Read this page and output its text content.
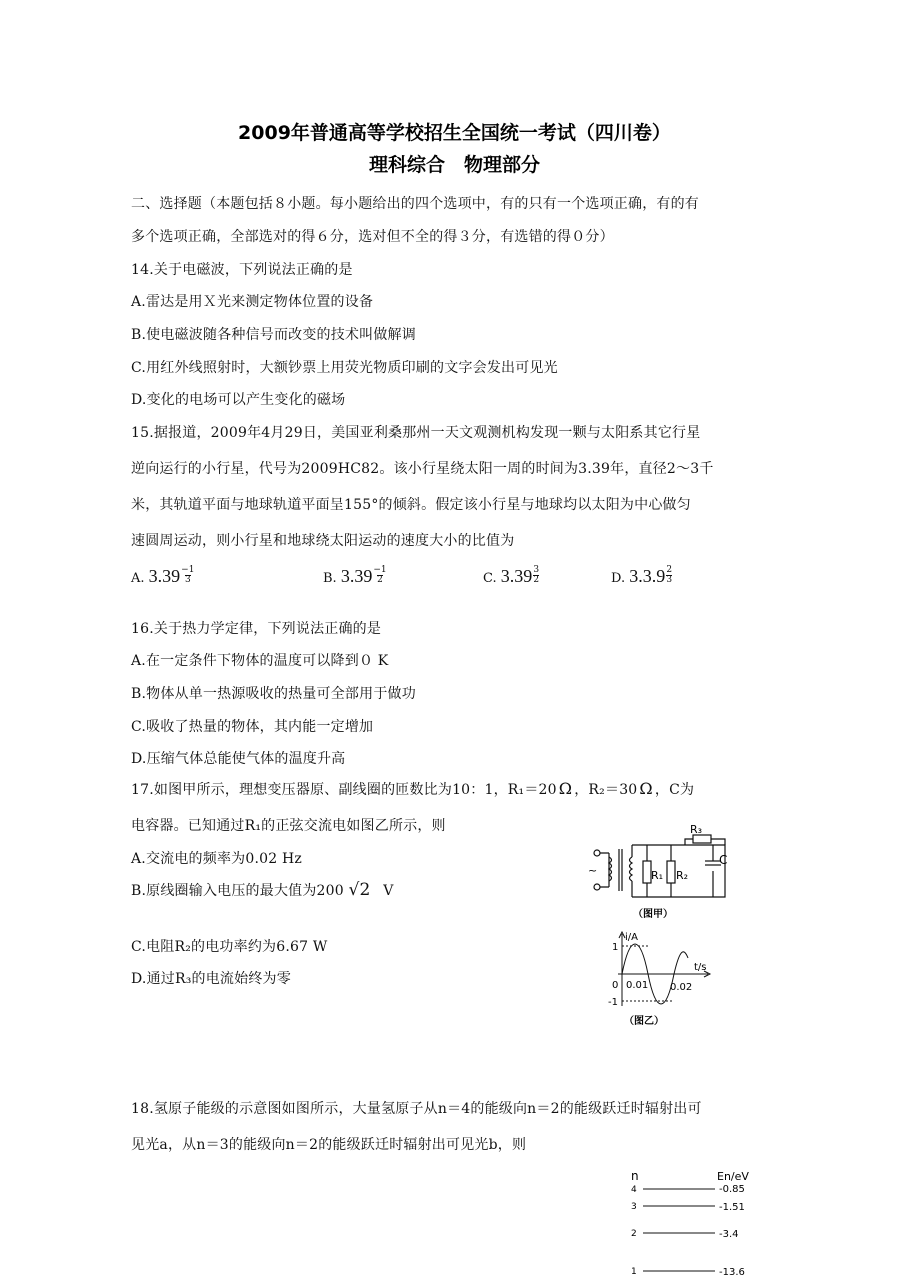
2009年普通高等学校招生全国统一考试（四川卷）
理科综合　物理部分
二、选择题（本题包括８小题。每小题给出的四个选项中，有的只有一个选项正确，有的有
多个选项正确，全部选对的得６分，选对但不全的得３分，有选错的得０分）
14.关于电磁波，下列说法正确的是
A.雷达是用Ｘ光来测定物体位置的设备
B.使电磁波随各种信号而改变的技术叫做解调
C.用红外线照射时，大额钞票上用荧光物质印刷的文字会发出可见光
D.变化的电场可以产生变化的磁场
15.据报道，2009年4月29日，美国亚利桑那州一天文观测机构发现一颗与太阳系其它行星
逆向运行的小行星，代号为2009HC82。该小行星绕太阳一周的时间为3.39年，直径2～3千
米，其轨道平面与地球轨道平面呈155°的倾斜。假定该小行星与地球均以太阳为中心做匀
速圆周运动，则小行星和地球绕太阳运动的速度大小的比值为
A. $3.39 \frac{-1}{3}$	B. $3.39 \frac{-1}{2}$	C. $3.39 \frac{3}{2}$	D. $3.3.9 \frac{2}{3}$
16.关于热力学定律，下列说法正确的是
A.在一定条件下物体的温度可以降到０ K
B.物体从单一热源吸收的热量可全部用于做功
C.吸收了热量的物体，其内能一定增加
D.压缩气体总能使气体的温度升高
17.如图甲所示，理想变压器原、副线圈的匝数比为10：1，R₁＝20 Ω ，R₂＝30 Ω ，C为
电容器。已知通过R₁的正弦交流电如图乙所示，则
A.交流电的频率为0.02 Hz
B.原线圈输入电压的最大值为200 √2 V
C.电阻R₂的电功率约为6.67 W
D.通过R₃的电流始终为零
~
R₃
R₁ R₂
C
（图甲）
i/A
t/s
1
-1
0 0.01 0.02
（图乙）
18.氢原子能级的示意图如图所示，大量氢原子从n＝4的能级向n＝2的能级跃迁时辐射出可
见光a，从n＝3的能级向n＝2的能级跃迁时辐射出可见光b，则
n	En/eV
4	-0.85
3	-1.51
2	-3.4
1	-13.6
